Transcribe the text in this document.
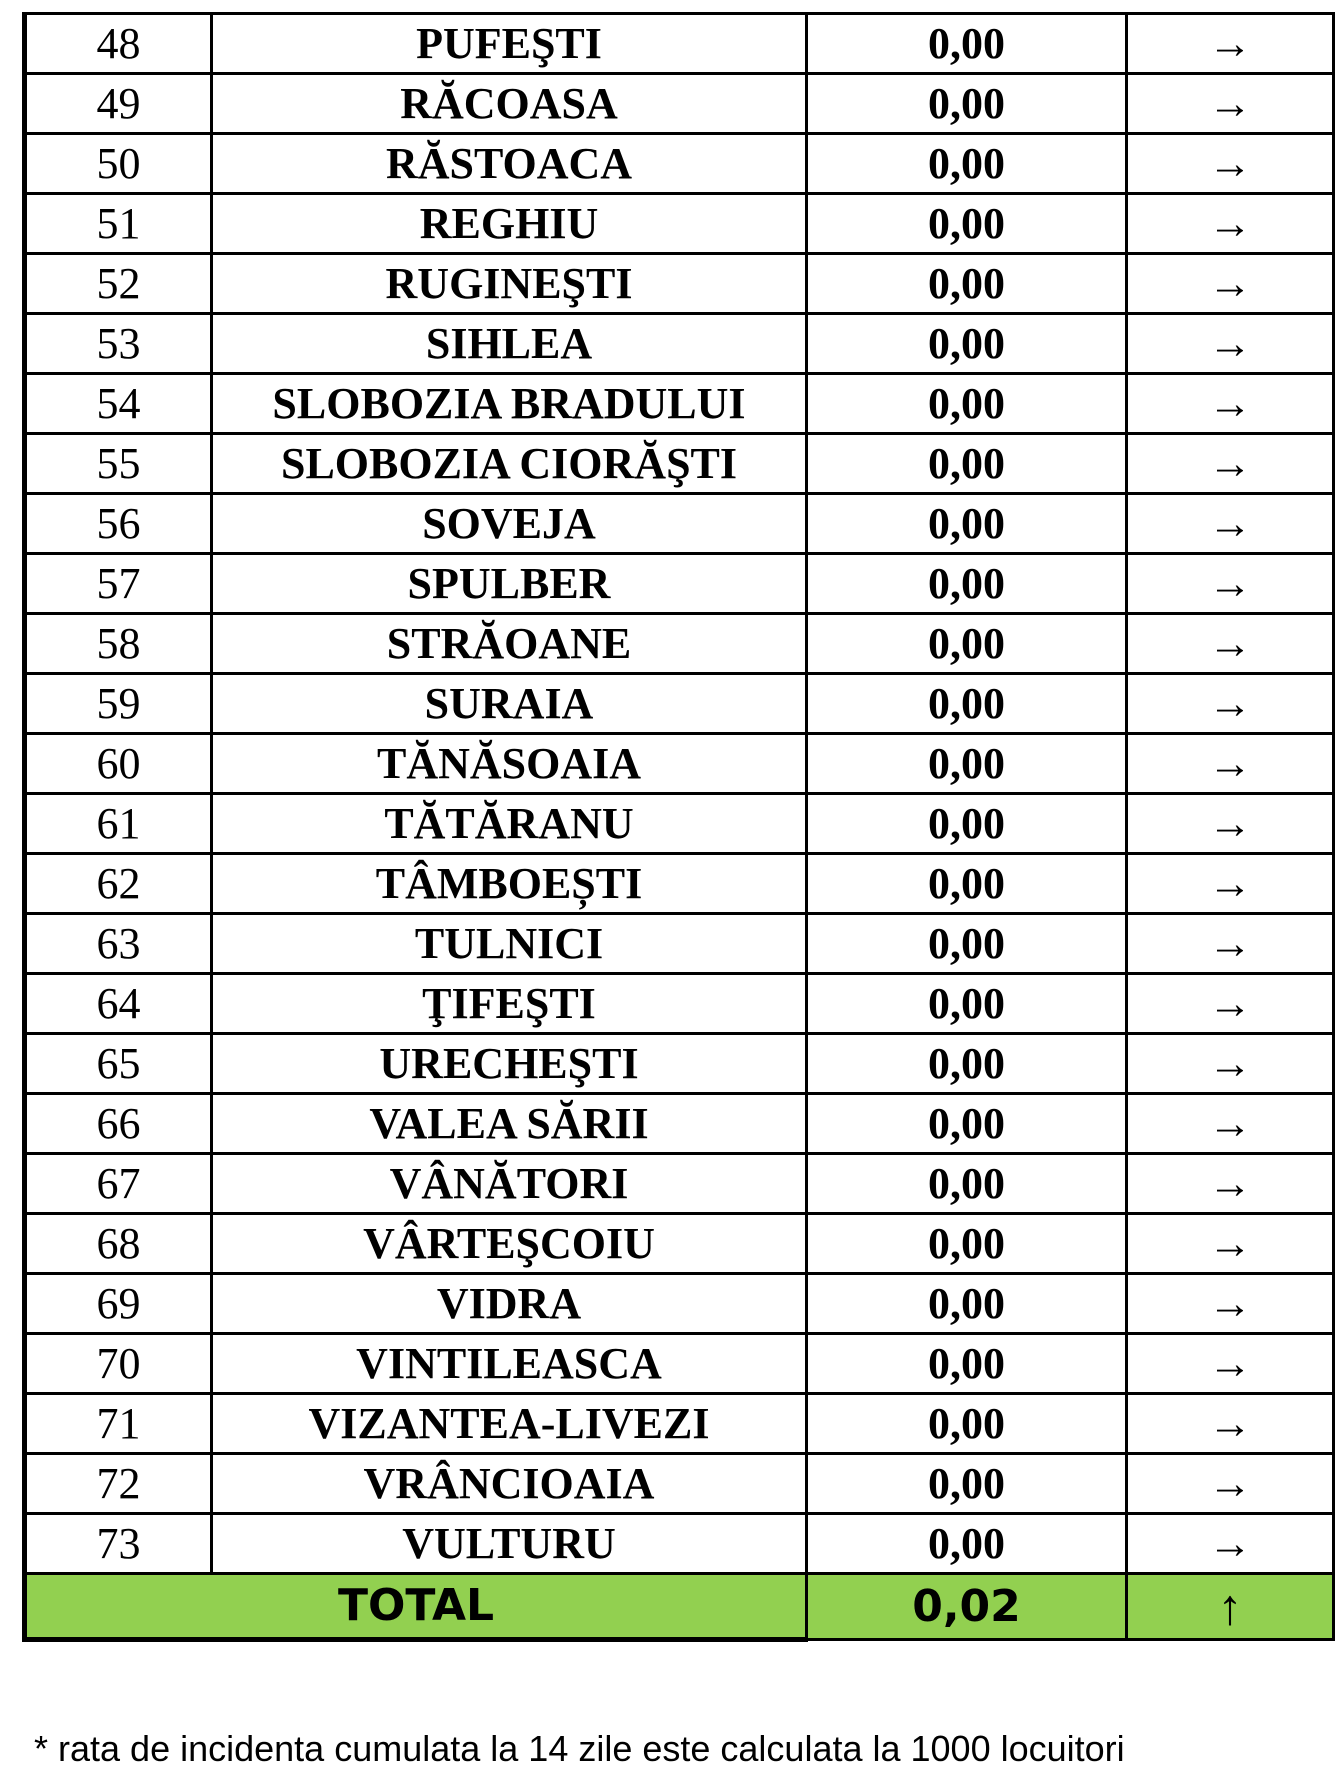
48	PUFEŞTI	0,00	→
49	RĂCOASA	0,00	→
50	RĂSTOACA	0,00	→
51	REGHIU	0,00	→
52	RUGINEŞTI	0,00	→
53	SIHLEA	0,00	→
54	SLOBOZIA BRADULUI	0,00	→
55	SLOBOZIA CIORĂŞTI	0,00	→
56	SOVEJA	0,00	→
57	SPULBER	0,00	→
58	STRĂOANE	0,00	→
59	SURAIA	0,00	→
60	TĂNĂSOAIA	0,00	→
61	TĂTĂRANU	0,00	→
62	TÂMBOEȘTI	0,00	→
63	TULNICI	0,00	→
64	ŢIFEŞTI	0,00	→
65	URECHEŞTI	0,00	→
66	VALEA SĂRII	0,00	→
67	VÂNĂTORI	0,00	→
68	VÂRTEŞCOIU	0,00	→
69	VIDRA	0,00	→
70	VINTILEASCA	0,00	→
71	VIZANTEA-LIVEZI	0,00	→
72	VRÂNCIOAIA	0,00	→
73	VULTURU	0,00	→
TOTAL		0,02	↑
* rata de incidenta cumulata la 14 zile este calculata la 1000 locuitori
